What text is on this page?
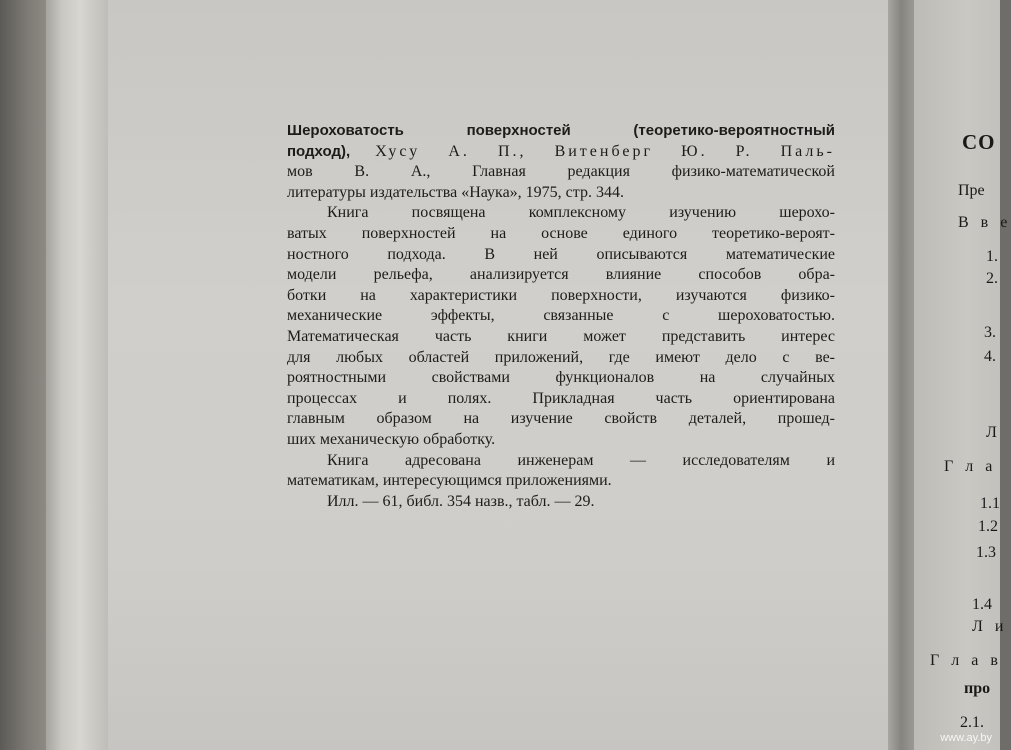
Шероховатость поверхностей (теоретико-вероятностный
подход), Хусу А. П., Витенберг Ю. Р. Паль-
мов В. А., Главная редакция физико-математической
литературы издательства «Наука», 1975, стр. 344.
Книга посвящена комплексному изучению шерохо-
ватых поверхностей на основе единого теоретико-вероят-
ностного подхода. В ней описываются математические
модели рельефа, анализируется влияние способов обра-
ботки на характеристики поверхности, изучаются физико-
механические эффекты, связанные с шероховатостью.
Математическая часть книги может представить интерес
для любых областей приложений, где имеют дело с ве-
роятностными свойствами функционалов на случайных
процессах и полях. Прикладная часть ориентирована
главным образом на изучение свойств деталей, прошед-
ших механическую обработку.
Книга адресована инженерам — исследователям и
математикам, интересующимся приложениями.
Илл. — 61, библ. 354 назв., табл. — 29.
СО
Пре
В в е
1.
2.
3.
4.
Л
Г л а
1.1
1.2
1.3
1.4
Л и
Г л а в
про
2.1.
www.ay.by
